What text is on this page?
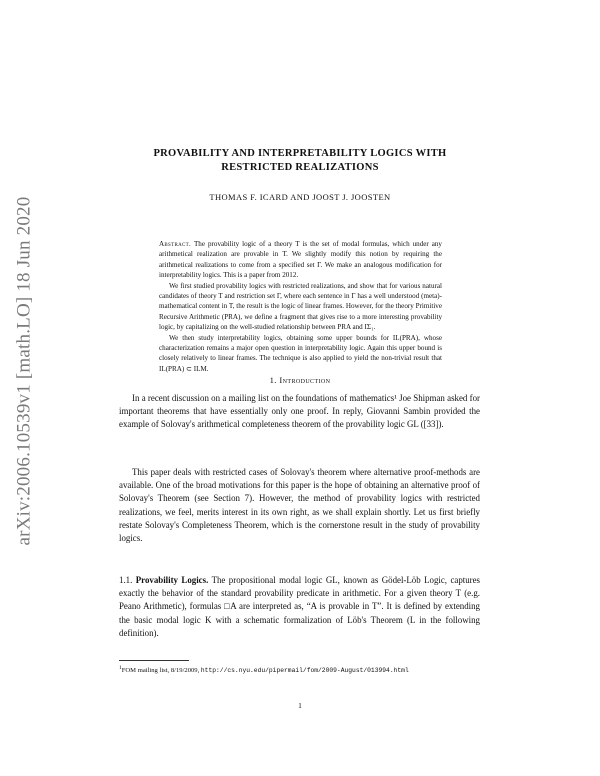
arXiv:2006.10539v1 [math.LO] 18 Jun 2020
PROVABILITY AND INTERPRETABILITY LOGICS WITH
RESTRICTED REALIZATIONS
THOMAS F. ICARD AND JOOST J. JOOSTEN

Abstract. The provability logic of a theory T is the set of modal formulas, which under any arithmetical realization are provable in T. We slightly modify this notion by requiring the arithmetical realizations to come from a specified set Γ. We make an analogous modification for interpretability logics. This is a paper from 2012.

We first studied provability logics with restricted realizations, and show that for various natural candidates of theory T and restriction set Γ, where each sentence in Γ has a well understood (meta)-mathematical content in T, the result is the logic of linear frames. However, for the theory Primitive Recursive Arithmetic (PRA), we define a fragment that gives rise to a more interesting provability logic, by capitalizing on the well-studied relationship between PRA and IΣ₁.

We then study interpretability logics, obtaining some upper bounds for IL(PRA), whose characterization remains a major open question in interpretability logic. Again this upper bound is closely relatively to linear frames. The technique is also applied to yield the non-trivial result that IL(PRA) ⊂ ILM.

1. Introduction

In a recent discussion on a mailing list on the foundations of mathematics¹ Joe Shipman asked for important theorems that have essentially only one proof. In reply, Giovanni Sambin provided the example of Solovay's arithmetical completeness theorem of the provability logic GL ([33]).

This paper deals with restricted cases of Solovay's theorem where alternative proof-methods are available. One of the broad motivations for this paper is the hope of obtaining an alternative proof of Solovay's Theorem (see Section 7). However, the method of provability logics with restricted realizations, we feel, merits interest in its own right, as we shall explain shortly. Let us first briefly restate Solovay's Completeness Theorem, which is the cornerstone result in the study of provability logics.

1.1. Provability Logics. The propositional modal logic GL, known as Gödel-Löb Logic, captures exactly the behavior of the standard provability predicate in arithmetic. For a given theory T (e.g. Peano Arithmetic), formulas □A are interpreted as, “A is provable in T”. It is defined by extending the basic modal logic K with a schematic formalization of Löb's Theorem (L in the following definition).

$^1$FOM mailing list, 8/19/2009, http://cs.nyu.edu/pipermail/fom/2009-August/013994.html
1
